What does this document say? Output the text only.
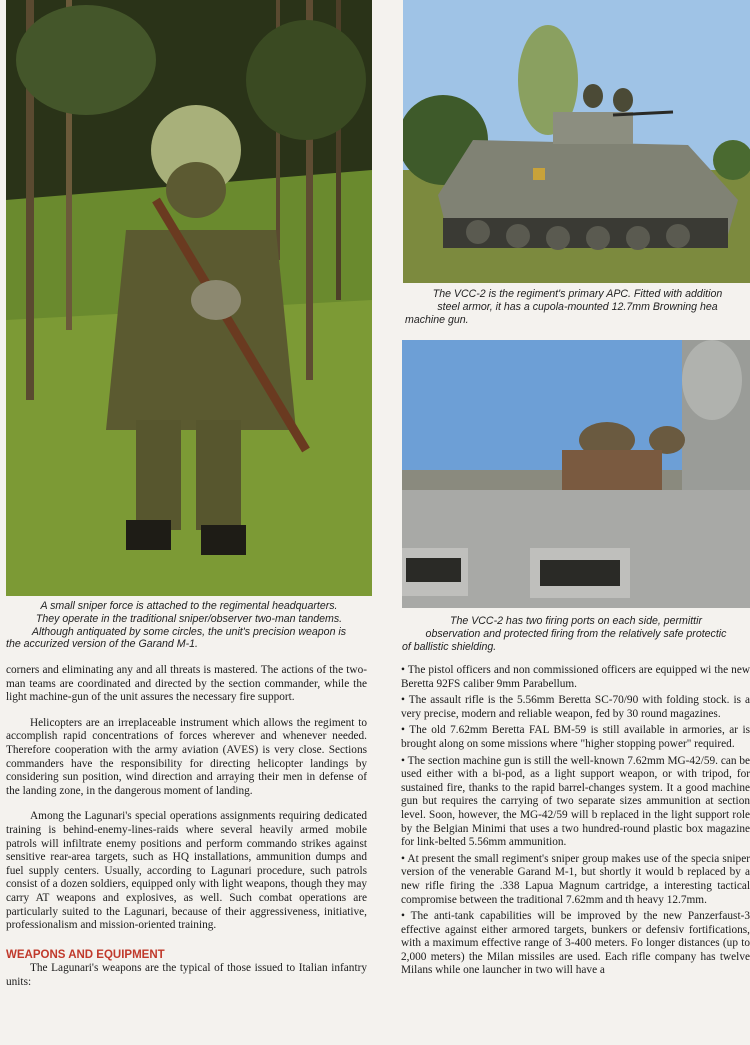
The VCC-2 is the regiment's primary APC. Fitted with addition
steel armor, it has a cupola-mounted 12.7mm Browning hea
machine gun.
The VCC-2 has two firing ports on each side, permittir
observation and protected firing from the relatively safe protectic
of ballistic shielding.
A small sniper force is attached to the regimental headquarters.
They operate in the traditional sniper/observer two-man tandems.
Although antiquated by some circles, the unit's precision weapon is
the accurized version of the Garand M-1.

corners and eliminating any and all threats is mastered. The actions of the two-man teams are coordinated and directed by the section commander, while the light machine-gun of the unit assures the necessary fire support.

Helicopters are an irreplaceable instrument which allows the regiment to accomplish rapid concentrations of forces wherever and whenever needed. Therefore cooperation with the army aviation (AVES) is very close. Sections commanders have the responsibility for directing helicopter landings by considering sun position, wind direction and arraying their men in defense of the landing zone, in the dangerous moment of landing.

Among the Lagunari's special operations assignments requiring dedicated training is behind-enemy-lines-raids where several heavily armed mobile patrols will infiltrate enemy positions and perform commando strikes against sensitive rear-area targets, such as HQ installations, ammunition dumps and fuel supply centers. Usually, according to Lagunari procedure, such patrols consist of a dozen soldiers, equipped only with light weapons, though they may carry AT weapons and explosives, as well. Such combat operations are particularly suited to the Lagunari, because of their aggressiveness, initiative, professionalism and mission-oriented training.

WEAPONS AND EQUIPMENT

The Lagunari's weapons are the typical of those issued to Italian infantry units:

• The pistol officers and non commissioned officers are equipped wi the new Beretta 92FS caliber 9mm Parabellum.

• The assault rifle is the 5.56mm Beretta SC-70/90 with folding stock. is a very precise, modern and reliable weapon, fed by 30 round magazines.

• The old 7.62mm Beretta FAL BM-59 is still available in armories, ar is brought along on some missions where "higher stopping power" required.

• The section machine gun is still the well-known 7.62mm MG-42/59. can be used either with a bi-pod, as a light support weapon, or with tripod, for sustained fire, thanks to the rapid barrel-changes system. It a good machine gun but requires the carrying of two separate sizes ammunition at section level. Soon, however, the MG-42/59 will b replaced in the light support role by the Belgian Minimi that uses a two hundred-round plastic box magazine for link-belted 5.56mm ammunition.

• At present the small regiment's sniper group makes use of the specia sniper version of the venerable Garand M-1, but shortly it would b replaced by a new rifle firing the .338 Lapua Magnum cartridge, a interesting tactical compromise between the traditional 7.62mm and th heavy 12.7mm.

• The anti-tank capabilities will be improved by the new Panzerfaust-3 effective against either armored targets, bunkers or defensiv fortifications, with a maximum effective range of 3-400 meters. Fo longer distances (up to 2,000 meters) the Milan missiles are used. Each rifle company has twelve Milans while one launcher in two will have a
